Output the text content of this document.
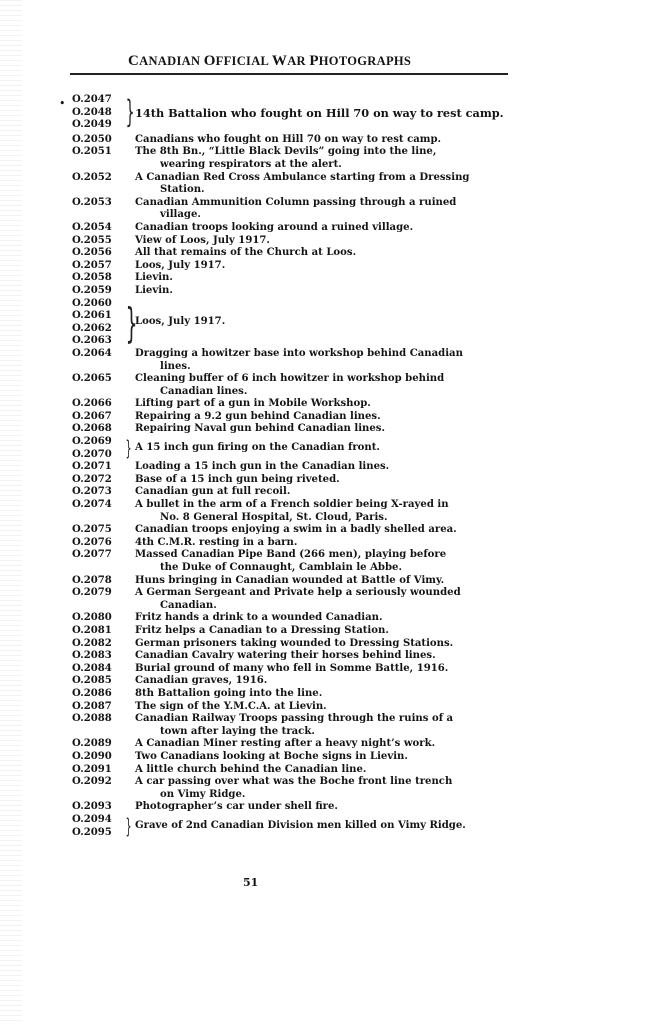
CANADIAN OFFICIAL WAR PHOTOGRAPHS
• O.2047
O.2048
O.2049 } 14th Battalion who fought on Hill 70 on way to rest camp.
O.2050	Canadians who fought on Hill 70 on way to rest camp.
O.2051	The 8th Bn., “Little Black Devils” going into the line,
wearing respirators at the alert.
O.2052	A Canadian Red Cross Ambulance starting from a Dressing
Station.
O.2053	Canadian Ammunition Column passing through a ruined
village.
O.2054	Canadian troops looking around a ruined village.
O.2055	View of Loos, July 1917.
O.2056	All that remains of the Church at Loos.
O.2057	Loos, July 1917.
O.2058	Lievin.
O.2059	Lievin.
O.2060
O.2061
O.2062
O.2063 }
Loos, July 1917.
O.2064	Dragging a howitzer base into workshop behind Canadian
lines.
O.2065	Cleaning buffer of 6 inch howitzer in workshop behind
Canadian lines.
O.2066	Lifting part of a gun in Mobile Workshop.
O.2067	Repairing a 9.2 gun behind Canadian lines.
O.2068	Repairing Naval gun behind Canadian lines.
O.2069
O.2070 } A 15 inch gun firing on the Canadian front.
O.2071	Loading a 15 inch gun in the Canadian lines.
O.2072	Base of a 15 inch gun being riveted.
O.2073	Canadian gun at full recoil.
O.2074	A bullet in the arm of a French soldier being X-rayed in
No. 8 General Hospital, St. Cloud, Paris.
O.2075	Canadian troops enjoying a swim in a badly shelled area.
O.2076	4th C.M.R. resting in a barn.
O.2077	Massed Canadian Pipe Band (266 men), playing before
the Duke of Connaught, Camblain le Abbe.
O.2078	Huns bringing in Canadian wounded at Battle of Vimy.
O.2079	A German Sergeant and Private help a seriously wounded
Canadian.
O.2080	Fritz hands a drink to a wounded Canadian.
O.2081	Fritz helps a Canadian to a Dressing Station.
O.2082	German prisoners taking wounded to Dressing Stations.
O.2083	Canadian Cavalry watering their horses behind lines.
O.2084	Burial ground of many who fell in Somme Battle, 1916.
O.2085	Canadian graves, 1916.
O.2086	8th Battalion going into the line.
O.2087	The sign of the Y.M.C.A. at Lievin.
O.2088	Canadian Railway Troops passing through the ruins of a
town after laying the track.
O.2089	A Canadian Miner resting after a heavy night’s work.
O.2090	Two Canadians looking at Boche signs in Lievin.
O.2091	A little church behind the Canadian line.
O.2092	A car passing over what was the Boche front line trench
on Vimy Ridge.
O.2093	Photographer’s car under shell fire.
O.2094
O.2095 } Grave of 2nd Canadian Division men killed on Vimy Ridge.
51
